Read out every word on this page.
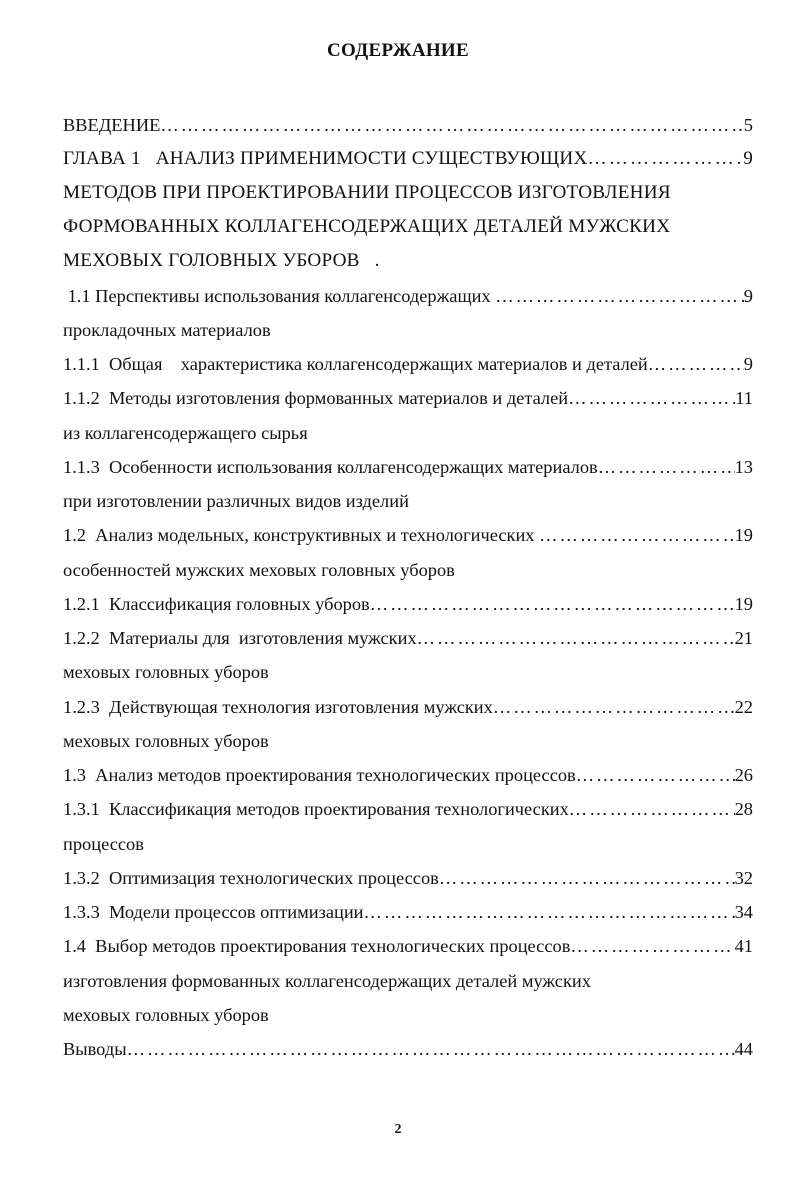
СОДЕРЖАНИЕ
ВВЕДЕНИЕ ………………………………………………………………………………………………………………………………………………………	5
ГЛАВА 1   АНАЛИЗ ПРИМЕНИМОСТИ СУЩЕСТВУЮЩИХ ………………………………………………………………………………………………………………………………………………………	9
МЕТОДОВ ПРИ ПРОЕКТИРОВАНИИ ПРОЦЕССОВ ИЗГОТОВЛЕНИЯ
ФОРМОВАННЫХ КОЛЛАГЕНСОДЕРЖАЩИХ ДЕТАЛЕЙ МУЖСКИХ
МЕХОВЫХ ГОЛОВНЫХ УБОРОВ   .
1.1 Перспективы использования коллагенсодержащих ………………………………………………………………………………………………………………………………………………………	9
прокладочных материалов
1.1.1  Общая    характеристика коллагенсодержащих материалов и деталей ………………………………………………………………………………………………………………………………………………………	9
1.1.2  Методы изготовления формованных материалов и деталей ………………………………………………………………………………………………………………………………………………………	11
из коллагенсодержащего сырья
1.1.3  Особенности использования коллагенсодержащих материалов ………………………………………………………………………………………………………………………………………………………	13
при изготовлении различных видов изделий
1.2  Анализ модельных, конструктивных и технологических ………………………………………………………………………………………………………………………………………………………	19
особенностей мужских меховых головных уборов
1.2.1  Классификация головных уборов ………………………………………………………………………………………………………………………………………………………	19
1.2.2  Материалы для  изготовления мужских ………………………………………………………………………………………………………………………………………………………	21
меховых головных уборов
1.2.3  Действующая технология изготовления мужских ………………………………………………………………………………………………………………………………………………………	22
меховых головных уборов
1.3  Анализ методов проектирования технологических процессов ………………………………………………………………………………………………………………………………………………………	26
1.3.1  Классификация методов проектирования технологических ………………………………………………………………………………………………………………………………………………………	28
процессов
1.3.2  Оптимизация технологических процессов ………………………………………………………………………………………………………………………………………………………	32
1.3.3  Модели процессов оптимизации ………………………………………………………………………………………………………………………………………………………	34
1.4  Выбор методов проектирования технологических процессов ………………………………………………………………………………………………………………………………………………………	41
изготовления формованных коллагенсодержащих деталей мужских
меховых головных уборов
Выводы ………………………………………………………………………………………………………………………………………………………	44
2
